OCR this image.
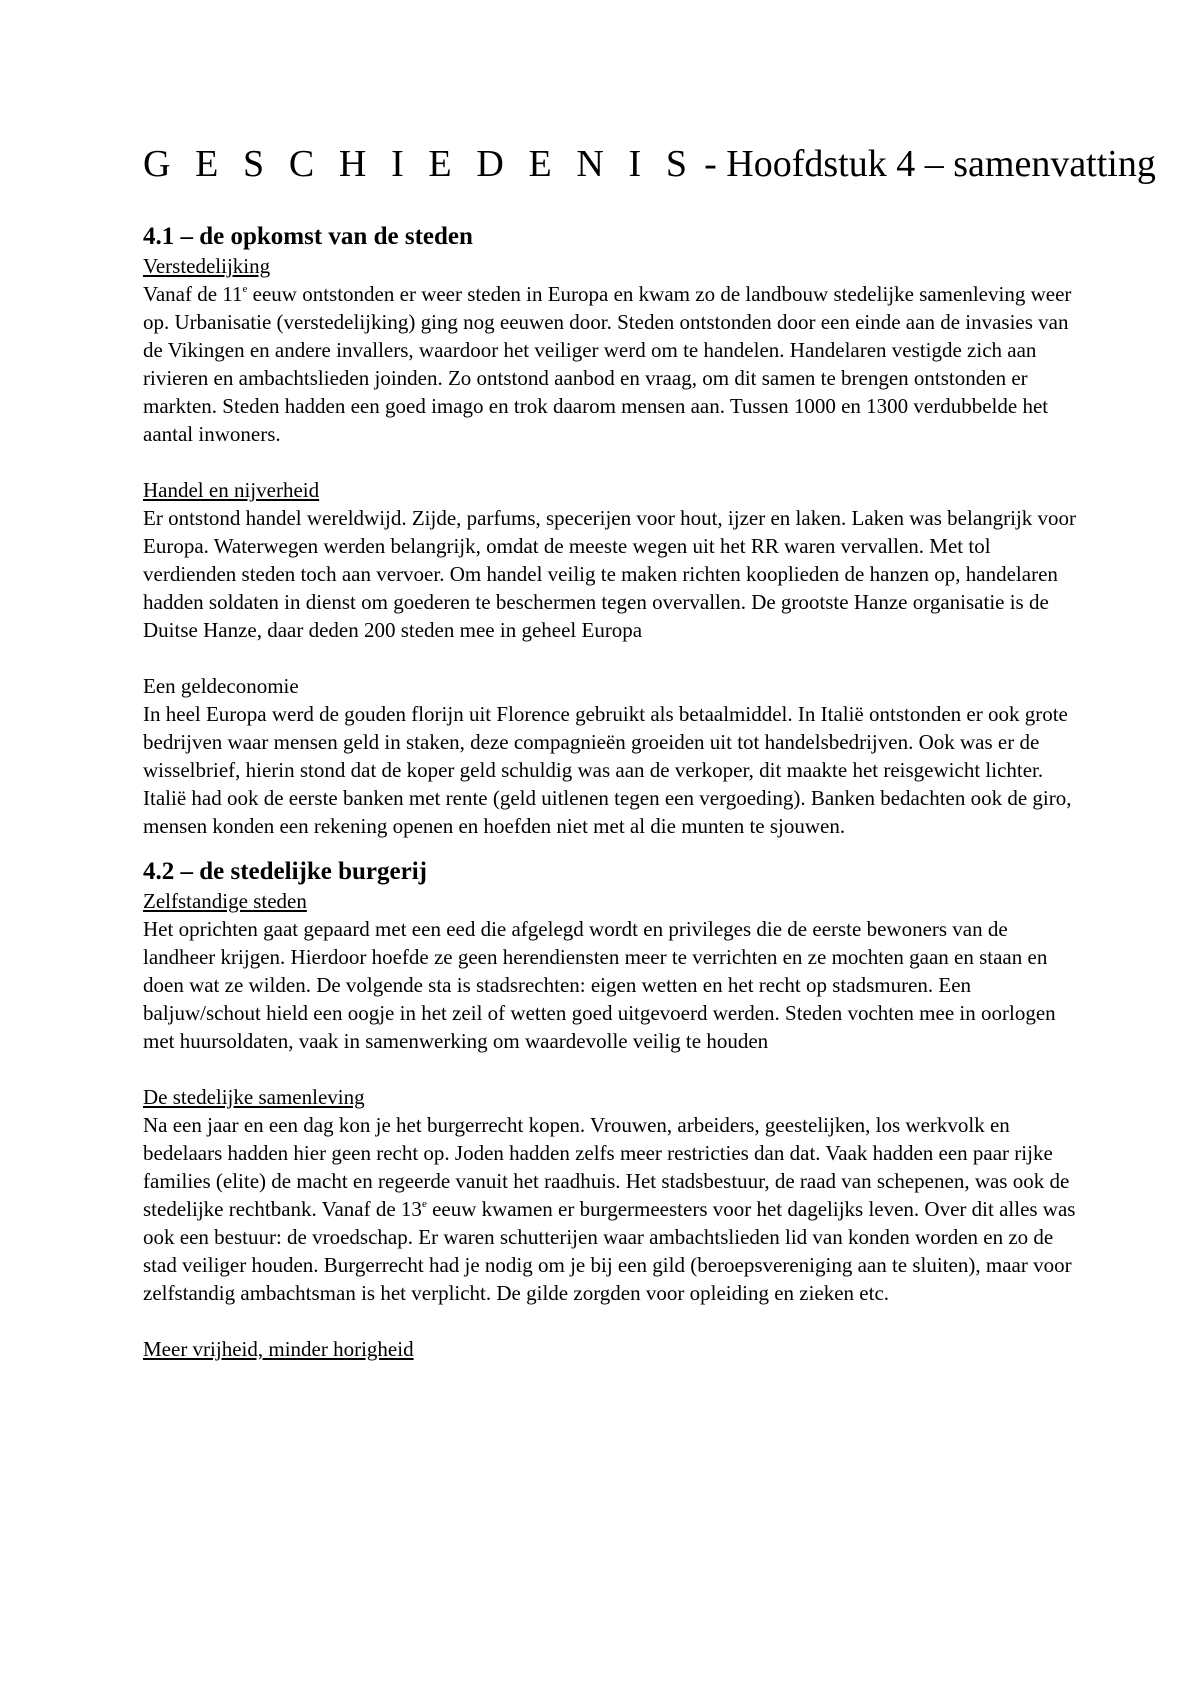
G E S C H I E D E N I S - Hoofdstuk 4 – samenvatting
4.1 – de opkomst van de steden
Verstedelijking

Vanaf de 11e eeuw ontstonden er weer steden in Europa en kwam zo de landbouw stedelijke samenleving weer op. Urbanisatie (verstedelijking) ging nog eeuwen door. Steden ontstonden door een einde aan de invasies van de Vikingen en andere invallers, waardoor het veiliger werd om te handelen. Handelaren vestigde zich aan rivieren en ambachtslieden joinden. Zo ontstond aanbod en vraag, om dit samen te brengen ontstonden er markten. Steden hadden een goed imago en trok daarom mensen aan. Tussen 1000 en 1300 verdubbelde het aantal inwoners.

Handel en nijverheid

Er ontstond handel wereldwijd. Zijde, parfums, specerijen voor hout, ijzer en laken. Laken was belangrijk voor Europa. Waterwegen werden belangrijk, omdat de meeste wegen uit het RR waren vervallen. Met tol verdienden steden toch aan vervoer. Om handel veilig te maken richten kooplieden de hanzen op, handelaren hadden soldaten in dienst om goederen te beschermen tegen overvallen. De grootste Hanze organisatie is de Duitse Hanze, daar deden 200 steden mee in geheel Europa

Een geldeconomie

In heel Europa werd de gouden florijn uit Florence gebruikt als betaalmiddel. In Italië ontstonden er ook grote bedrijven waar mensen geld in staken, deze compagnieën groeiden uit tot handelsbedrijven. Ook was er de wisselbrief, hierin stond dat de koper geld schuldig was aan de verkoper, dit maakte het reisgewicht lichter. Italië had ook de eerste banken met rente (geld uitlenen tegen een vergoeding). Banken bedachten ook de giro, mensen konden een rekening openen en hoefden niet met al die munten te sjouwen.

4.2 – de stedelijke burgerij
Zelfstandige steden

Het oprichten gaat gepaard met een eed die afgelegd wordt en privileges die de eerste bewoners van de landheer krijgen. Hierdoor hoefde ze geen herendiensten meer te verrichten en ze mochten gaan en staan en doen wat ze wilden. De volgende sta is stadsrechten: eigen wetten en het recht op stadsmuren. Een baljuw/schout hield een oogje in het zeil of wetten goed uitgevoerd werden. Steden vochten mee in oorlogen met huursoldaten, vaak in samenwerking om waardevolle veilig te houden

De stedelijke samenleving

Na een jaar en een dag kon je het burgerrecht kopen. Vrouwen, arbeiders, geestelijken, los werkvolk en bedelaars hadden hier geen recht op. Joden hadden zelfs meer restricties dan dat. Vaak hadden een paar rijke families (elite) de macht en regeerde vanuit het raadhuis. Het stadsbestuur, de raad van schepenen, was ook de stedelijke rechtbank. Vanaf de 13e eeuw kwamen er burgermeesters voor het dagelijks leven. Over dit alles was ook een bestuur: de vroedschap. Er waren schutterijen waar ambachtslieden lid van konden worden en zo de stad veiliger houden. Burgerrecht had je nodig om je bij een gild (beroepsvereniging aan te sluiten), maar voor zelfstandig ambachtsman is het verplicht. De gilde zorgden voor opleiding en zieken etc.

Meer vrijheid, minder horigheid
